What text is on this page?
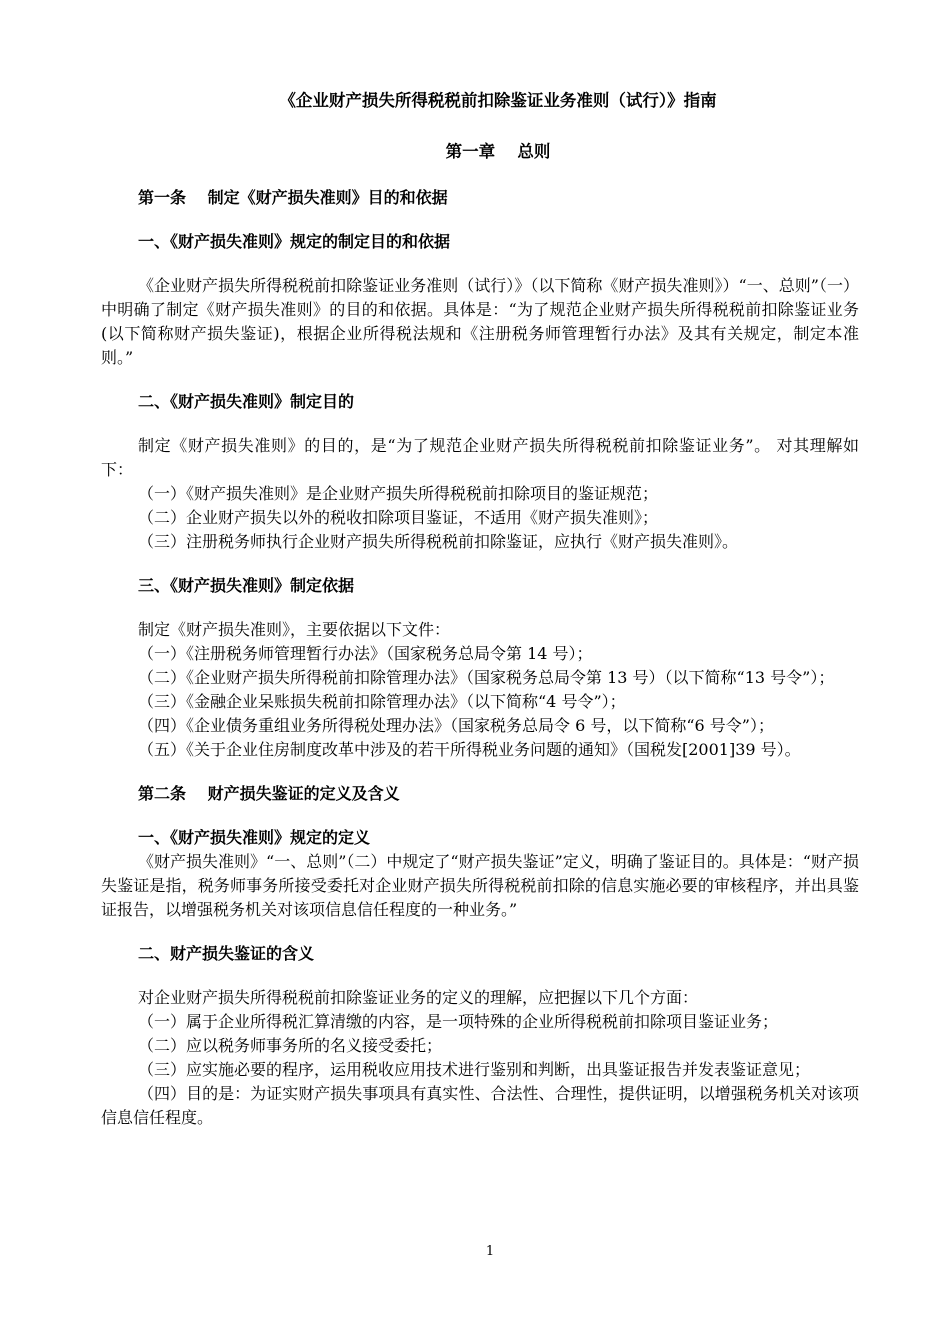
《企业财产损失所得税税前扣除鉴证业务准则（试行）》指南
第一章　 总则
第一条　 制定《财产损失准则》目的和依据
一、《财产损失准则》规定的制定目的和依据
《企业财产损失所得税税前扣除鉴证业务准则（试行）》（以下简称《财产损失准则》）“一、总则”（一）中明确了制定《财产损失准则》的目的和依据。具体是：“为了规范企业财产损失所得税税前扣除鉴证业务(以下简称财产损失鉴证)，根据企业所得税法规和《注册税务师管理暂行办法》及其有关规定，制定本准则。”
二、《财产损失准则》制定目的
制定《财产损失准则》的目的，是“为了规范企业财产损失所得税税前扣除鉴证业务”。 对其理解如下：
（一）《财产损失准则》是企业财产损失所得税税前扣除项目的鉴证规范；
（二）企业财产损失以外的税收扣除项目鉴证，不适用《财产损失准则》；
（三）注册税务师执行企业财产损失所得税税前扣除鉴证，应执行《财产损失准则》。
三、《财产损失准则》制定依据
制定《财产损失准则》，主要依据以下文件：
（一）《注册税务师管理暂行办法》（国家税务总局令第 14 号）；
（二）《企业财产损失所得税前扣除管理办法》（国家税务总局令第 13 号）（以下简称“13 号令”）；
（三）《金融企业呆账损失税前扣除管理办法》（以下简称“4 号令”）；
（四）《企业债务重组业务所得税处理办法》（国家税务总局令 6 号，以下简称“6 号令”）；
（五）《关于企业住房制度改革中涉及的若干所得税业务问题的通知》（国税发[2001]39 号）。
第二条　 财产损失鉴证的定义及含义
一、《财产损失准则》规定的定义
《财产损失准则》“一、总则”（二）中规定了“财产损失鉴证”定义，明确了鉴证目的。具体是：“财产损失鉴证是指，税务师事务所接受委托对企业财产损失所得税税前扣除的信息实施必要的审核程序，并出具鉴证报告，以增强税务机关对该项信息信任程度的一种业务。”
二、财产损失鉴证的含义
对企业财产损失所得税税前扣除鉴证业务的定义的理解，应把握以下几个方面：
（一）属于企业所得税汇算清缴的内容，是一项特殊的企业所得税税前扣除项目鉴证业务；
（二）应以税务师事务所的名义接受委托；
（三）应实施必要的程序，运用税收应用技术进行鉴别和判断，出具鉴证报告并发表鉴证意见；
（四）目的是：为证实财产损失事项具有真实性、合法性、合理性，提供证明，以增强税务机关对该项信息信任程度。
1
